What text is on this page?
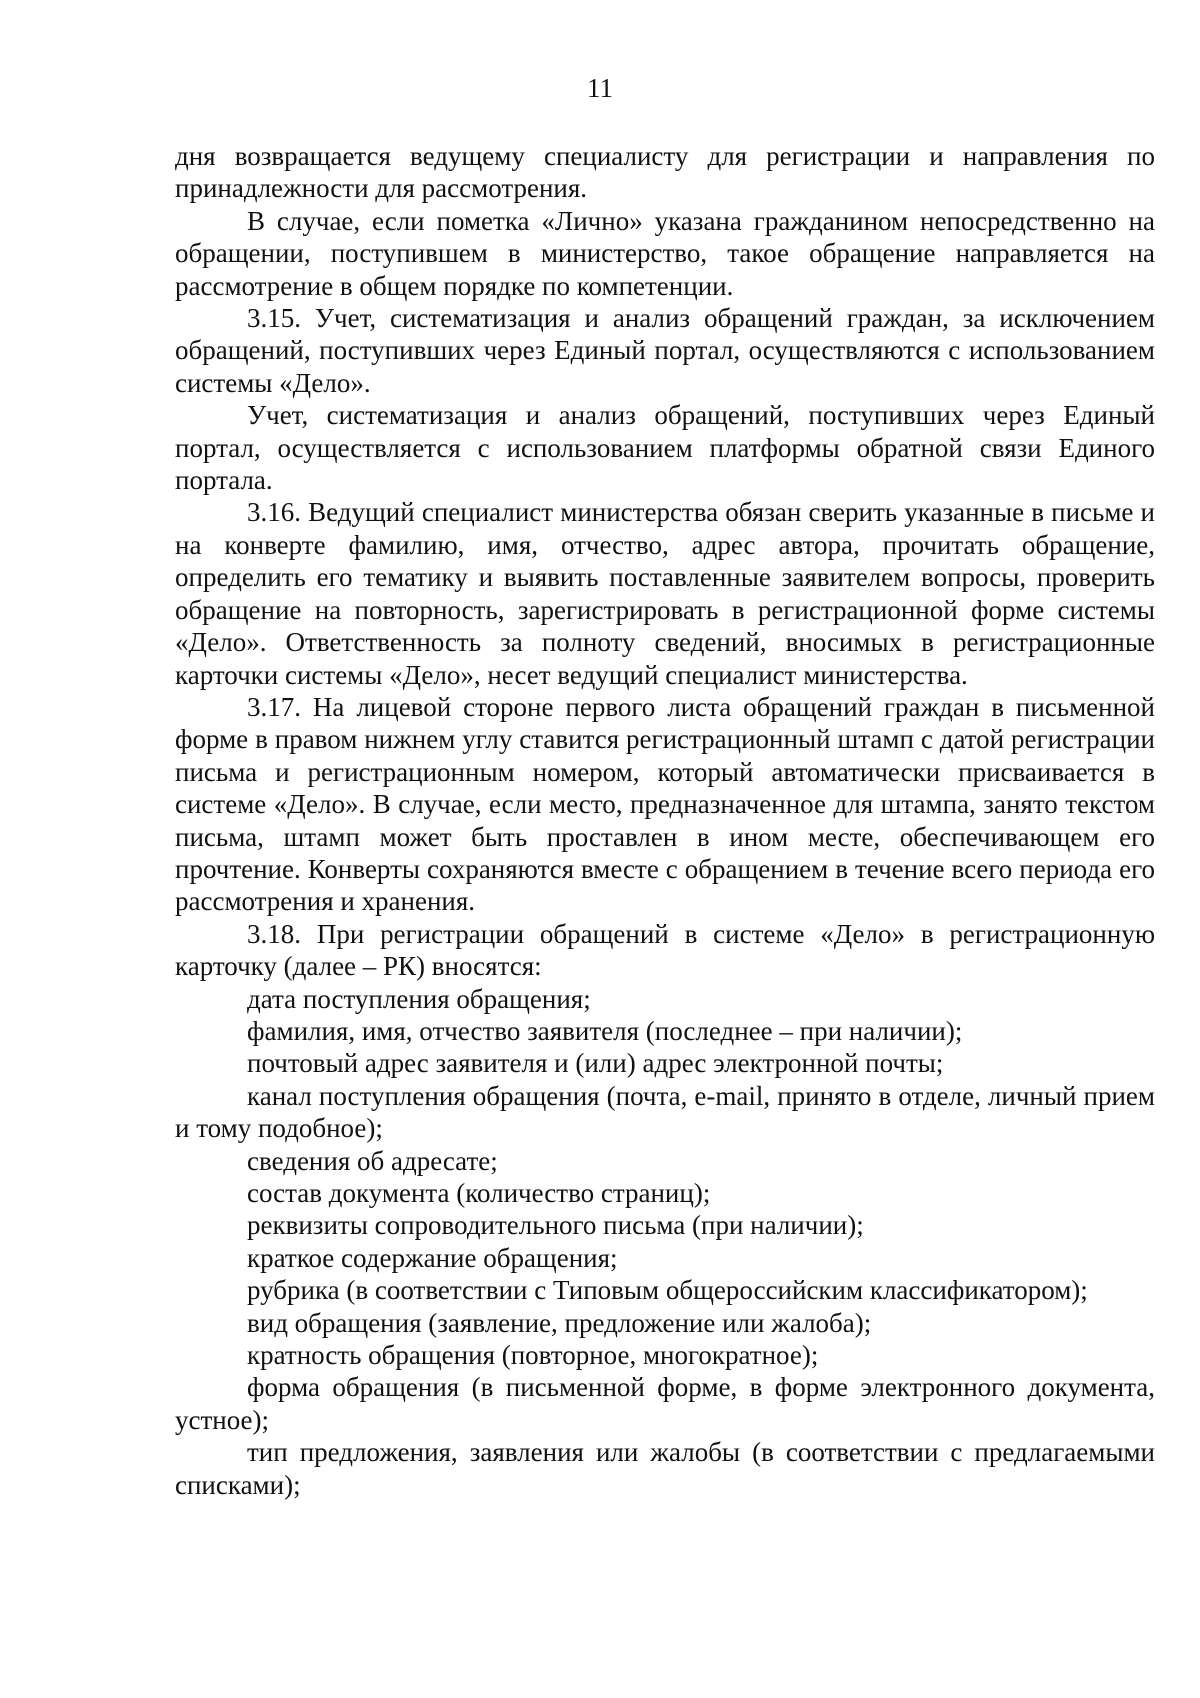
11

дня возвращается ведущему специалисту для регистрации и направления по принадлежности для рассмотрения.

В случае, если пометка «Лично» указана гражданином непосредственно на обращении, поступившем в министерство, такое обращение направляется на рассмотрение в общем порядке по компетенции.

3.15. Учет, систематизация и анализ обращений граждан, за исключением обращений, поступивших через Единый портал, осуществляются с использованием системы «Дело».

Учет, систематизация и анализ обращений, поступивших через Единый портал, осуществляется с использованием платформы обратной связи Единого портала.

3.16. Ведущий специалист министерства обязан сверить указанные в письме и на конверте фамилию, имя, отчество, адрес автора, прочитать обращение, определить его тематику и выявить поставленные заявителем вопросы, проверить обращение на повторность, зарегистрировать в регистрационной форме системы «Дело». Ответственность за полноту сведений, вносимых в регистрационные карточки системы «Дело», несет ведущий специалист министерства.

3.17. На лицевой стороне первого листа обращений граждан в письменной форме в правом нижнем углу ставится регистрационный штамп с датой регистрации письма и регистрационным номером, который автоматически присваивается в системе «Дело». В случае, если место, предназначенное для штампа, занято текстом письма, штамп может быть проставлен в ином месте, обеспечивающем его прочтение. Конверты сохраняются вместе с обращением в течение всего периода его рассмотрения и хранения.

3.18. При регистрации обращений в системе «Дело» в регистрационную карточку (далее – РК) вносятся:

дата поступления обращения;

фамилия, имя, отчество заявителя (последнее – при наличии);

почтовый адрес заявителя и (или) адрес электронной почты;

канал поступления обращения (почта, e-mail, принято в отделе, личный прием и тому подобное);

сведения об адресате;

состав документа (количество страниц);

реквизиты сопроводительного письма (при наличии);

краткое содержание обращения;

рубрика (в соответствии с Типовым общероссийским классификатором);

вид обращения (заявление, предложение или жалоба);

кратность обращения (повторное, многократное);

форма обращения (в письменной форме, в форме электронного документа, устное);

тип предложения, заявления или жалобы (в соответствии с предлагаемыми списками);
